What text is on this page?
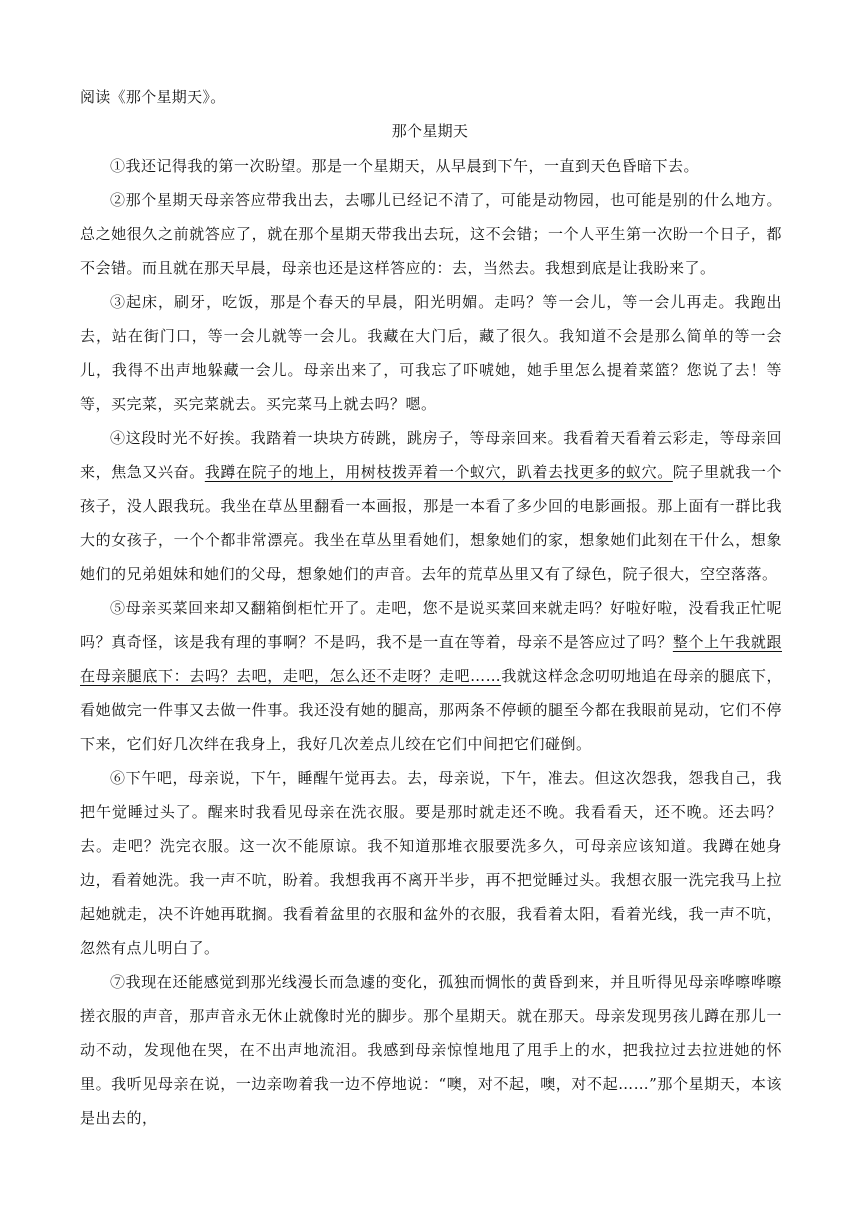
阅读《那个星期天》。
那个星期天

①我还记得我的第一次盼望。那是一个星期天，从早晨到下午，一直到天色昏暗下去。

②那个星期天母亲答应带我出去，去哪儿已经记不清了，可能是动物园，也可能是别的什么地方。总之她很久之前就答应了，就在那个星期天带我出去玩，这不会错；一个人平生第一次盼一个日子，都不会错。而且就在那天早晨，母亲也还是这样答应的：去，当然去。我想到底是让我盼来了。

③起床，刷牙，吃饭，那是个春天的早晨，阳光明媚。走吗？等一会儿，等一会儿再走。我跑出去，站在街门口，等一会儿就等一会儿。我藏在大门后，藏了很久。我知道不会是那么简单的等一会儿，我得不出声地躲藏一会儿。母亲出来了，可我忘了吓唬她，她手里怎么提着菜篮？您说了去！等等，买完菜，买完菜就去。买完菜马上就去吗？嗯。

④这段时光不好挨。我踏着一块块方砖跳，跳房子，等母亲回来。我看着天看着云彩走，等母亲回来，焦急又兴奋。我蹲在院子的地上，用树枝拨弄着一个蚁穴，趴着去找更多的蚁穴。院子里就我一个孩子，没人跟我玩。我坐在草丛里翻看一本画报，那是一本看了多少回的电影画报。那上面有一群比我大的女孩子，一个个都非常漂亮。我坐在草丛里看她们，想象她们的家，想象她们此刻在干什么，想象她们的兄弟姐妹和她们的父母，想象她们的声音。去年的荒草丛里又有了绿色，院子很大，空空落落。

⑤母亲买菜回来却又翻箱倒柜忙开了。走吧，您不是说买菜回来就走吗？好啦好啦，没看我正忙呢吗？真奇怪，该是我有理的事啊？不是吗，我不是一直在等着，母亲不是答应过了吗？整个上午我就跟在母亲腿底下：去吗？去吧，走吧，怎么还不走呀？走吧……我就这样念念叨叨地追在母亲的腿底下，看她做完一件事又去做一件事。我还没有她的腿高，那两条不停顿的腿至今都在我眼前晃动，它们不停下来，它们好几次绊在我身上，我好几次差点儿绞在它们中间把它们碰倒。

⑥下午吧，母亲说，下午，睡醒午觉再去。去，母亲说，下午，准去。但这次怨我，怨我自己，我把午觉睡过头了。醒来时我看见母亲在洗衣服。要是那时就走还不晚。我看看天，还不晚。还去吗？去。走吧？洗完衣服。这一次不能原谅。我不知道那堆衣服要洗多久，可母亲应该知道。我蹲在她身边，看着她洗。我一声不吭，盼着。我想我再不离开半步，再不把觉睡过头。我想衣服一洗完我马上拉起她就走，决不许她再耽搁。我看着盆里的衣服和盆外的衣服，我看着太阳，看着光线，我一声不吭，忽然有点儿明白了。

⑦我现在还能感觉到那光线漫长而急遽的变化，孤独而惆怅的黄昏到来，并且听得见母亲哗嚓哗嚓搓衣服的声音，那声音永无休止就像时光的脚步。那个星期天。就在那天。母亲发现男孩儿蹲在那儿一动不动，发现他在哭，在不出声地流泪。我感到母亲惊惶地甩了甩手上的水，把我拉过去拉进她的怀里。我听见母亲在说，一边亲吻着我一边不停地说：“噢，对不起，噢，对不起……”那个星期天，本该是出去的，
